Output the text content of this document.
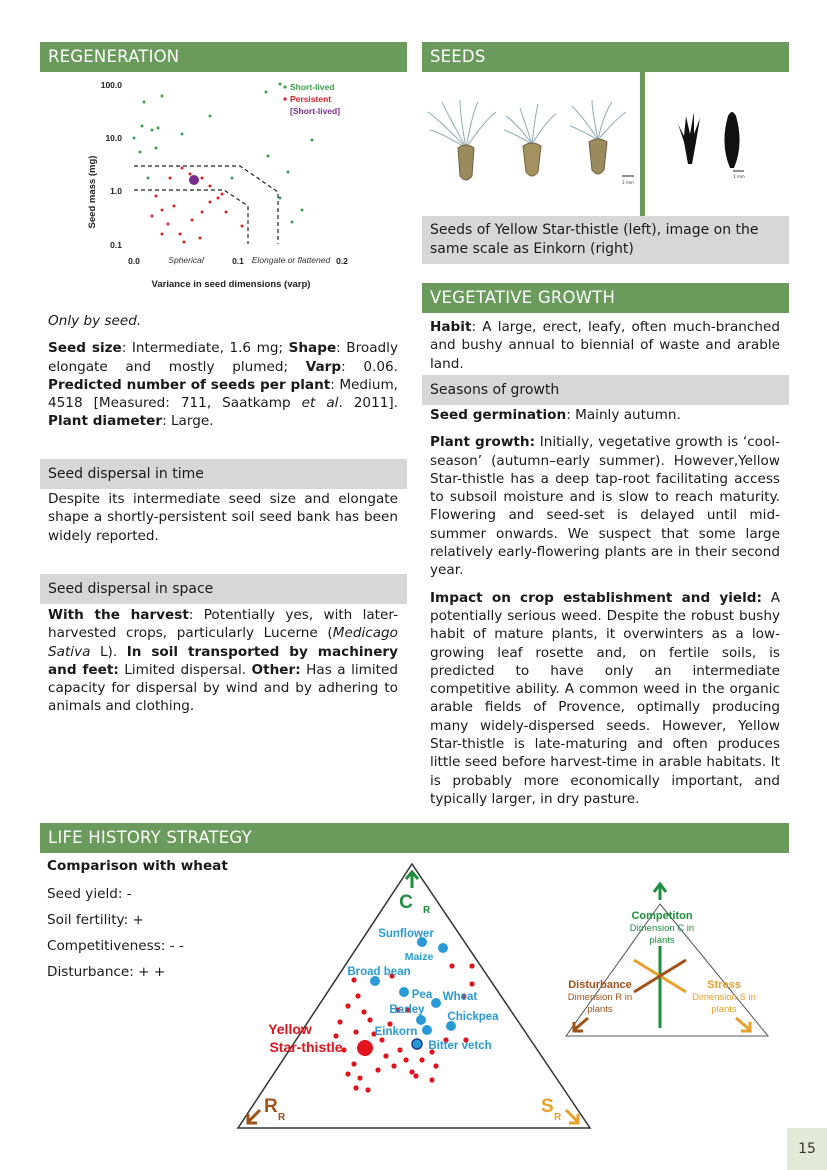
REGENERATION
Seed mass (mg)
100.0
10.0
1.0
0.1
0.0	0.1	0.2
Variance in seed dimensions (varp)
Spherical	Elongate or flattened
Short-lived
Persistent
[Short-lived]

Only by seed.

Seed size: Intermediate, 1.6 mg; Shape: Broadly elongate and mostly plumed; Varp: 0.06. Predicted number of seeds per plant: Medium, 4518 [Measured: 711, Saatkamp et al. 2011]. Plant diameter: Large.

Seed dispersal in time
Despite its intermediate seed size and elongate shape a shortly-persistent soil seed bank has been widely reported.
Seed dispersal in space

With the harvest: Potentially yes, with later-harvested crops, particularly Lucerne (Medicago Sativa L). In soil transported by machinery and feet: Limited dispersal. Other: Has a limited capacity for dispersal by wind and by adhering to animals and clothing.

SEEDS
1 mm
1 mm
Seeds of Yellow Star-thistle (left), image on the same scale as Einkorn (right)
VEGETATIVE GROWTH

Habit: A large, erect, leafy, often much-branched and bushy annual to biennial of waste and arable land.

Seasons of growth

Seed germination: Mainly autumn.

Plant growth: Initially, vegetative growth is ‘cool-season’ (autumn–early summer). However,Yellow Star-thistle has a deep tap-root facilitating access to subsoil moisture and is slow to reach maturity. Flowering and seed-set is delayed until mid-summer onwards. We suspect that some large relatively early-flowering plants are in their second year.

Impact on crop establishment and yield: A potentially serious weed. Despite the robust bushy habit of mature plants, it overwinters as a low-growing leaf rosette and, on fertile soils, is predicted to have only an intermediate competitive ability. A common weed in the organic arable fields of Provence, optimally producing many widely-dispersed seeds. However, Yellow Star-thistle is late-maturing and often produces little seed before harvest-time in arable habitats. It is probably more economically important, and typically larger, in dry pasture.

LIFE HISTORY STRATEGY
Comparison with wheat
Seed yield: -
Soil fertility: +
Competitiveness: - -
Disturbance: + +
C R
R
R
S
R
Sunflower
Maize
Broad bean
Pea Wheat
Barley
Chickpea
Einkorn
Bitter vetch
Yellow
Star-thistle
Competiton
Dimension C in
plants
Disturbance
Dimension R in
plants
Stress
Dimension S in
plants
15
